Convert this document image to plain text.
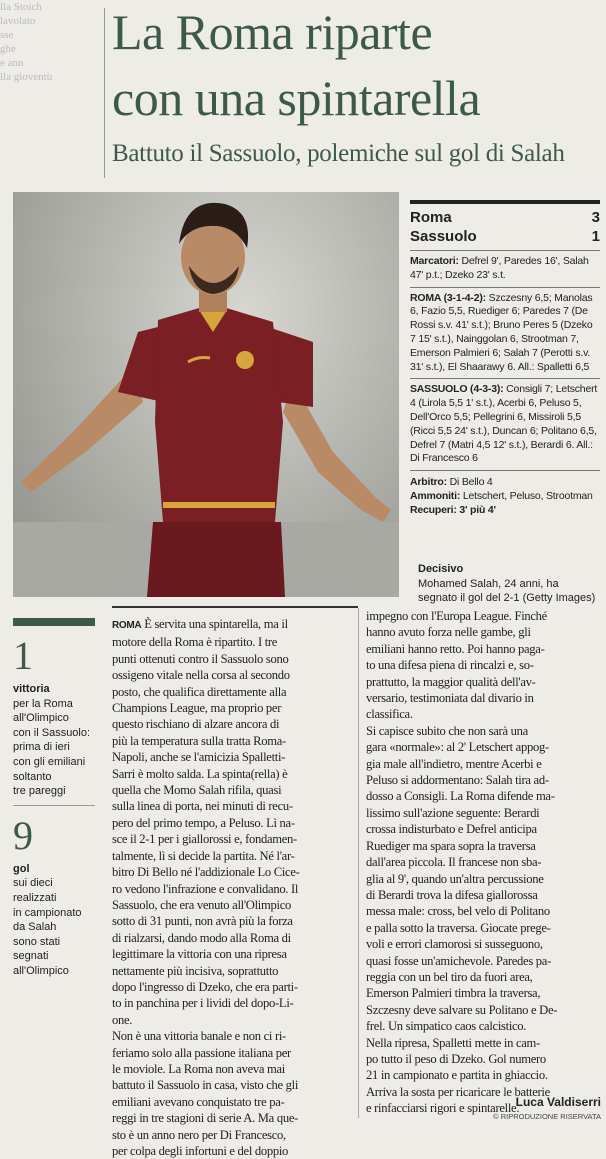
lla Stoich
lavolato
sse
ghe
e ann
lla gioventù
La Roma riparte
con una spintarella
Battuto il Sassuolo, polemiche sul gol di Salah
Roma	3
Sassuolo	1
Marcatori: Defrel 9', Paredes 16', Salah 47' p.t.; Dzeko 23' s.t.
ROMA (3-1-4-2): Szczesny 6,5; Manolas 6, Fazio 5,5, Ruediger 6; Paredes 7 (De Rossi s.v. 41' s.t.); Bruno Peres 5 (Dzeko 7 15' s.t.), Nainggolan 6, Strootman 7, Emerson Palmieri 6; Salah 7 (Perotti s.v. 31' s.t.), El Shaarawy 6. All.: Spalletti 6,5
SASSUOLO (4-3-3): Consigli 7; Letschert 4 (Lirola 5,5 1' s.t.), Acerbi 6, Peluso 5, Dell'Orco 5,5; Pellegrini 6, Missiroli 5,5 (Ricci 5,5 24' s.t.), Duncan 6; Politano 6,5, Defrel 7 (Matri 4,5 12' s.t.), Berardi 6. All.: Di Francesco 6
Arbitro: Di Bello 4
Ammoniti: Letschert, Peluso, Strootman
Recuperi: 3' più 4'
Decisivo
Mohamed Salah, 24 anni, ha segnato il gol del 2-1 (Getty Images)
1
vittoria
per la Roma
all'Olimpico
con il Sassuolo:
prima di ieri
con gli emiliani
soltanto
tre pareggi
9
gol
sui dieci
realizzati
in campionato
da Salah
sono stati
segnati
all'Olimpico
ROMA È servita una spintarella, ma il
motore della Roma è ripartito. I tre
punti ottenuti contro il Sassuolo sono
ossigeno vitale nella corsa al secondo
posto, che qualifica direttamente alla
Champions League, ma proprio per
questo rischiano di alzare ancora di
più la temperatura sulla tratta Roma-
Napoli, anche se l'amicizia Spalletti-
Sarri è molto salda. La spinta(rella) è
quella che Momo Salah rifila, quasi
sulla linea di porta, nei minuti di recu-
pero del primo tempo, a Peluso. Lì na-
sce il 2-1 per i giallorossi e, fondamen-
talmente, lì si decide la partita. Né l'ar-
bitro Di Bello né l'addizionale Lo Cice-
ro vedono l'infrazione e convalidano. Il
Sassuolo, che era venuto all'Olimpico
sotto di 31 punti, non avrà più la forza
di rialzarsi, dando modo alla Roma di
legittimare la vittoria con una ripresa
nettamente più incisiva, soprattutto
dopo l'ingresso di Dzeko, che era parti-
to in panchina per i lividi del dopo-Li-
one.
Non è una vittoria banale e non ci ri-
feriamo solo alla passione italiana per
le moviole. La Roma non aveva mai
battuto il Sassuolo in casa, visto che gli
emiliani avevano conquistato tre pa-
reggi in tre stagioni di serie A. Ma que-
sto è un anno nero per Di Francesco,
per colpa degli infortuni e del doppio
impegno con l'Europa League. Finché
hanno avuto forza nelle gambe, gli
emiliani hanno retto. Poi hanno paga-
to una difesa piena di rincalzi e, so-
prattutto, la maggior qualità dell'av-
versario, testimoniata dal divario in
classifica.
Si capisce subito che non sarà una
gara «normale»: al 2' Letschert appog-
gia male all'indietro, mentre Acerbi e
Peluso si addormentano: Salah tira ad-
dosso a Consigli. La Roma difende ma-
lissimo sull'azione seguente: Berardi
crossa indisturbato e Defrel anticipa
Ruediger ma spara sopra la traversa
dall'area piccola. Il francese non sba-
glia al 9', quando un'altra percussione
di Berardi trova la difesa giallorossa
messa male: cross, bel velo di Politano
e palla sotto la traversa. Giocate prege-
voli e errori clamorosi si susseguono,
quasi fosse un'amichevole. Paredes pa-
reggia con un bel tiro da fuori area,
Emerson Palmieri timbra la traversa,
Szczesny deve salvare su Politano e De-
frel. Un simpatico caos calcistico.
Nella ripresa, Spalletti mette in cam-
po tutto il peso di Dzeko. Gol numero
21 in campionato e partita in ghiaccio.
Arriva la sosta per ricaricare le batterie
e rinfacciarsi rigori e spintarelle.
Luca Valdiserri
© RIPRODUZIONE RISERVATA
